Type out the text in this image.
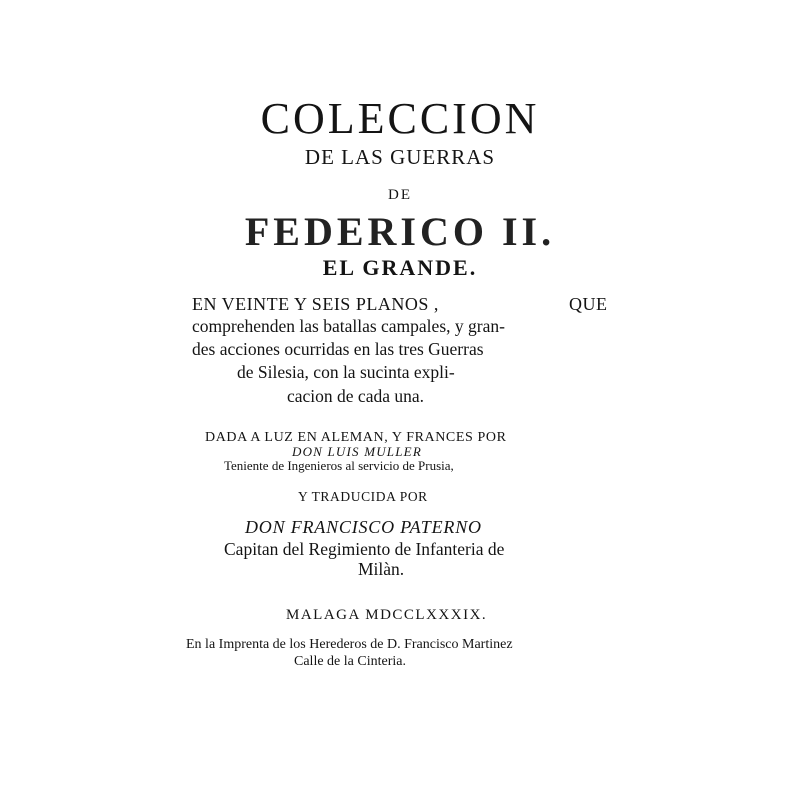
COLECCION
DE LAS GUERRAS
DE
FEDERICO II.
EL GRANDE.
EN VEINTE Y SEIS PLANOS ,	QUE
comprehenden las batallas campales, y gran-
des acciones ocurridas en las tres Guerras
de Silesia, con la sucinta expli-
cacion de cada una.
DADA A LUZ EN ALEMAN, Y FRANCES POR
DON LUIS MULLER
Teniente de Ingenieros al servicio de Prusia,
Y TRADUCIDA POR
DON FRANCISCO PATERNO
Capitan del Regimiento de Infanteria de
Milàn.
MALAGA MDCCLXXXIX.
En la Imprenta de los Herederos de D. Francisco Martinez
Calle de la Cinteria.
